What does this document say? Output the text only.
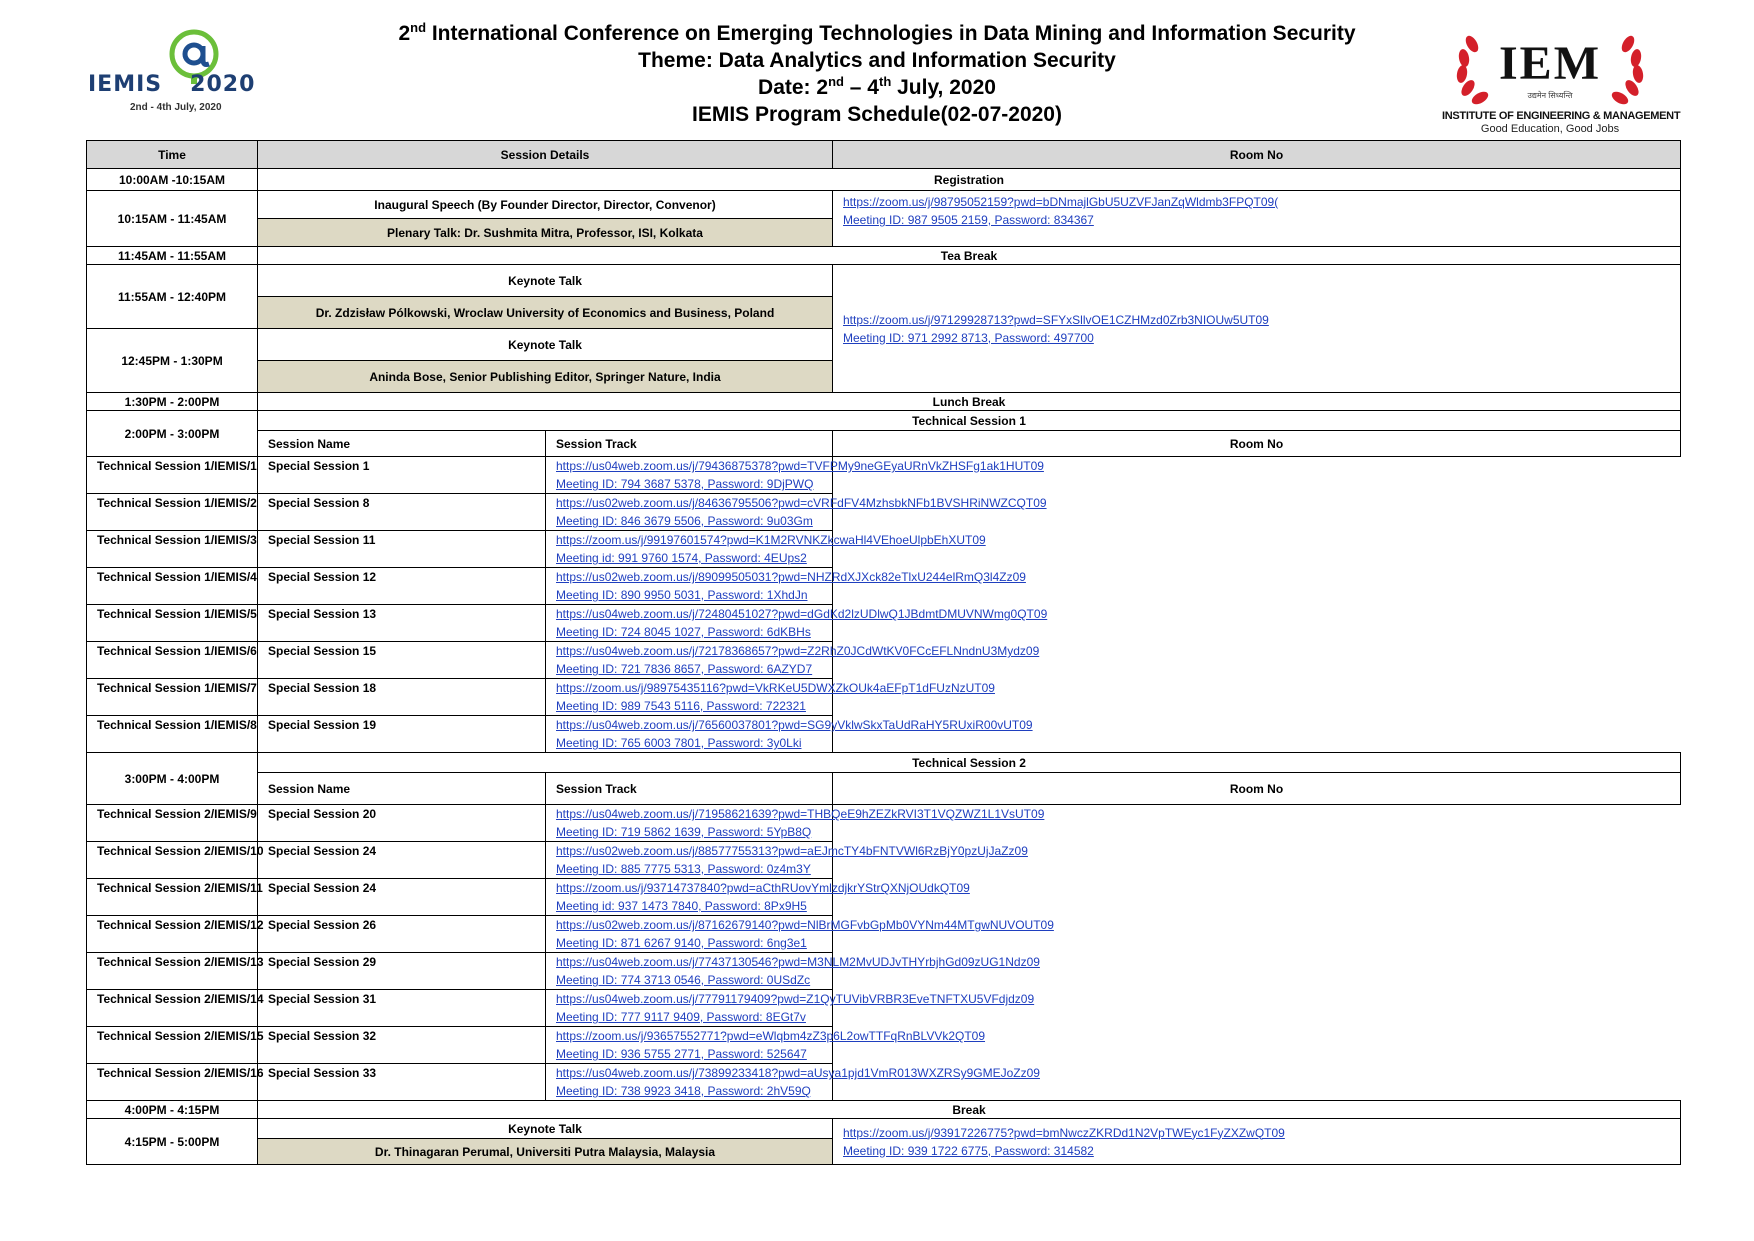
IEMIS 2020
2nd - 4th July, 2020
2nd International Conference on Emerging Technologies in Data Mining and Information Security
Theme: Data Analytics and Information Security
Date: 2nd – 4th July, 2020
IEMIS Program Schedule(02-07-2020)
IEM
उद्यमेन सिध्यन्ति
INSTITUTE OF ENGINEERING & MANAGEMENT
Good Education, Good Jobs
Time	Session Details		Room No
10:00AM -10:15AM	Registration		
10:15AM - 11:45AM	Inaugural Speech (By Founder Director, Director, Convenor)		https://zoom.us/j/98795052159?pwd=bDNmajlGbU5UZVFJanZqWldmb3FPQT09(
Meeting ID: 987 9505 2159, Password: 834367

	Plenary Talk: Dr. Sushmita Mitra, Professor, ISI, Kolkata		
11:45AM - 11:55AM	Tea Break		
11:55AM - 12:40PM	Keynote Talk		https://zoom.us/j/97129928713?pwd=SFYxSllvOE1CZHMzd0Zrb3NIOUw5UT09
Meeting ID: 971 2992 8713, Password: 497700

	Dr. Zdzisław Pólkowski, Wroclaw University of Economics and Business, Poland		
12:45PM - 1:30PM	Keynote Talk		
	Aninda Bose, Senior Publishing Editor, Springer Nature, India		
1:30PM - 2:00PM	Lunch Break		
2:00PM - 3:00PM	Technical Session 1		
	Session Name	Session Track	Room No
Technical Session 1/IEMIS/1	Special Session 1	https://us04web.zoom.us/j/79436875378?pwd=TVFPMy9neGEyaURnVkZHSFg1ak1HUT09
Meeting ID: 794 3687 5378, Password: 9DjPWQ	

Technical Session 1/IEMIS/2	Special Session 8	https://us02web.zoom.us/j/84636795506?pwd=cVRFdFV4MzhsbkNFb1BVSHRiNWZCQT09
Meeting ID: 846 3679 5506, Password: 9u03Gm	

Technical Session 1/IEMIS/3	Special Session 11	https://zoom.us/j/99197601574?pwd=K1M2RVNKZkcwaHl4VEhoeUlpbEhXUT09
Meeting id: 991 9760 1574, Password: 4EUps2	

Technical Session 1/IEMIS/4	Special Session 12	https://us02web.zoom.us/j/89099505031?pwd=NHZRdXJXck82eTlxU244elRmQ3l4Zz09
Meeting ID: 890 9950 5031, Password: 1XhdJn	

Technical Session 1/IEMIS/5	Special Session 13	https://us04web.zoom.us/j/72480451027?pwd=dGdKd2lzUDlwQ1JBdmtDMUVNWmg0QT09
Meeting ID: 724 8045 1027, Password: 6dKBHs	

Technical Session 1/IEMIS/6	Special Session 15	https://us04web.zoom.us/j/72178368657?pwd=Z2RhZ0JCdWtKV0FCcEFLNndnU3Mydz09
Meeting ID: 721 7836 8657, Password: 6AZYD7	

Technical Session 1/IEMIS/7	Special Session 18	https://zoom.us/j/98975435116?pwd=VkRKeU5DWXZkOUk4aEFpT1dFUzNzUT09
Meeting ID: 989 7543 5116, Password: 722321	

Technical Session 1/IEMIS/8	Special Session 19	https://us04web.zoom.us/j/76560037801?pwd=SG9yVklwSkxTaUdRaHY5RUxiR00vUT09
Meeting ID: 765 6003 7801, Password: 3y0Lki	

3:00PM - 4:00PM	Technical Session 2		
	Session Name	Session Track	Room No
Technical Session 2/IEMIS/9	Special Session 20	https://us04web.zoom.us/j/71958621639?pwd=THBQeE9hZEZkRVI3T1VQZWZ1L1VsUT09
Meeting ID: 719 5862 1639, Password: 5YpB8Q	

Technical Session 2/IEMIS/10	Special Session 24	https://us02web.zoom.us/j/88577755313?pwd=aEJmcTY4bFNTVWl6RzBjY0pzUjJaZz09
Meeting ID: 885 7775 5313, Password: 0z4m3Y	

Technical Session 2/IEMIS/11	Special Session 24	https://zoom.us/j/93714737840?pwd=aCthRUovYmlzdjkrYStrQXNjOUdkQT09
Meeting id: 937 1473 7840, Password: 8Px9H5	

Technical Session 2/IEMIS/12	Special Session 26	https://us02web.zoom.us/j/87162679140?pwd=NlBrMGFvbGpMb0VYNm44MTgwNUVOUT09
Meeting ID: 871 6267 9140, Password: 6ng3e1	

Technical Session 2/IEMIS/13	Special Session 29	https://us04web.zoom.us/j/77437130546?pwd=M3NLM2MvUDJvTHYrbjhGd09zUG1Ndz09
Meeting ID: 774 3713 0546, Password: 0USdZc	

Technical Session 2/IEMIS/14	Special Session 31	https://us04web.zoom.us/j/77791179409?pwd=Z1QyTUVibVRBR3EveTNFTXU5VFdjdz09
Meeting ID: 777 9117 9409, Password: 8EGt7v	

Technical Session 2/IEMIS/15	Special Session 32	https://zoom.us/j/93657552771?pwd=eWlqbm4zZ3p6L2owTTFqRnBLVVk2QT09
Meeting ID: 936 5755 2771, Password: 525647	

Technical Session 2/IEMIS/16	Special Session 33	https://us04web.zoom.us/j/73899233418?pwd=aUsya1pjd1VmR013WXZRSy9GMEJoZz09
Meeting ID: 738 9923 3418, Password: 2hV59Q	

4:00PM - 4:15PM	Break		
4:15PM - 5:00PM	Keynote Talk		https://zoom.us/j/93917226775?pwd=bmNwczZKRDd1N2VpTWEyc1FyZXZwQT09
Meeting ID: 939 1722 6775, Password: 314582

	Dr. Thinagaran Perumal, Universiti Putra Malaysia, Malaysia		
